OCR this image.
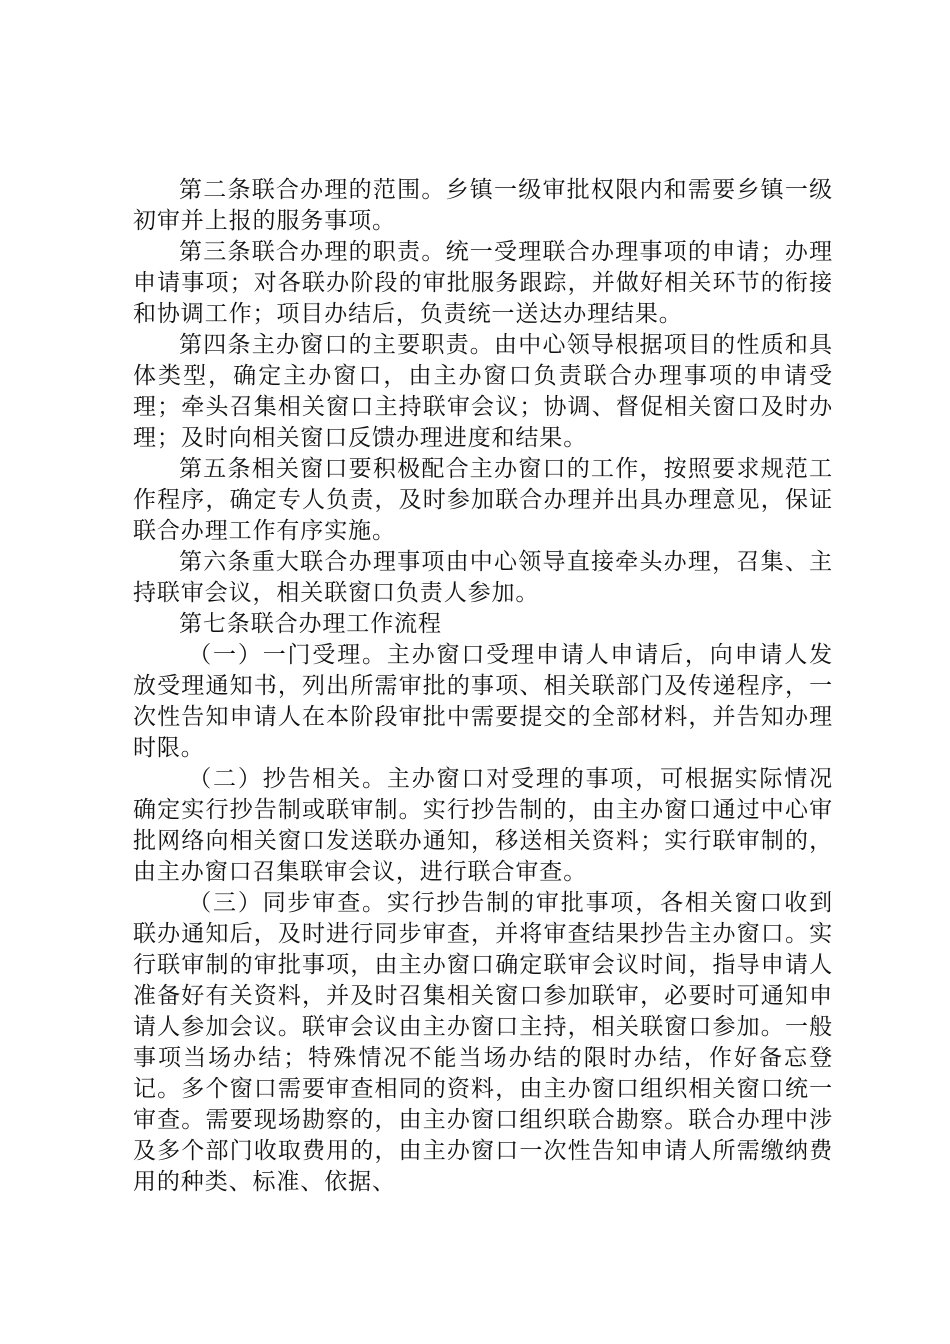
第二条联合办理的范围。乡镇一级审批权限内和需要乡镇一级初审并上报的服务事项。

第三条联合办理的职责。统一受理联合办理事项的申请；办理申请事项；对各联办阶段的审批服务跟踪，并做好相关环节的衔接和协调工作；项目办结后，负责统一送达办理结果。

第四条主办窗口的主要职责。由中心领导根据项目的性质和具体类型，确定主办窗口，由主办窗口负责联合办理事项的申请受理；牵头召集相关窗口主持联审会议；协调、督促相关窗口及时办理；及时向相关窗口反馈办理进度和结果。

第五条相关窗口要积极配合主办窗口的工作，按照要求规范工作程序，确定专人负责，及时参加联合办理并出具办理意见，保证联合办理工作有序实施。

第六条重大联合办理事项由中心领导直接牵头办理，召集、主持联审会议，相关联窗口负责人参加。

第七条联合办理工作流程

（一）一门受理。主办窗口受理申请人申请后，向申请人发放受理通知书，列出所需审批的事项、相关联部门及传递程序，一次性告知申请人在本阶段审批中需要提交的全部材料，并告知办理时限。

（二）抄告相关。主办窗口对受理的事项，可根据实际情况确定实行抄告制或联审制。实行抄告制的，由主办窗口通过中心审批网络向相关窗口发送联办通知，移送相关资料；实行联审制的，由主办窗口召集联审会议，进行联合审查。

（三）同步审查。实行抄告制的审批事项，各相关窗口收到联办通知后，及时进行同步审查，并将审查结果抄告主办窗口。实行联审制的审批事项，由主办窗口确定联审会议时间，指导申请人准备好有关资料，并及时召集相关窗口参加联审，必要时可通知申请人参加会议。联审会议由主办窗口主持，相关联窗口参加。一般事项当场办结；特殊情况不能当场办结的限时办结，作好备忘登记。多个窗口需要审查相同的资料，由主办窗口组织相关窗口统一审查。需要现场勘察的，由主办窗口组织联合勘察。联合办理中涉及多个部门收取费用的，由主办窗口一次性告知申请人所需缴纳费用的种类、标准、依据、
